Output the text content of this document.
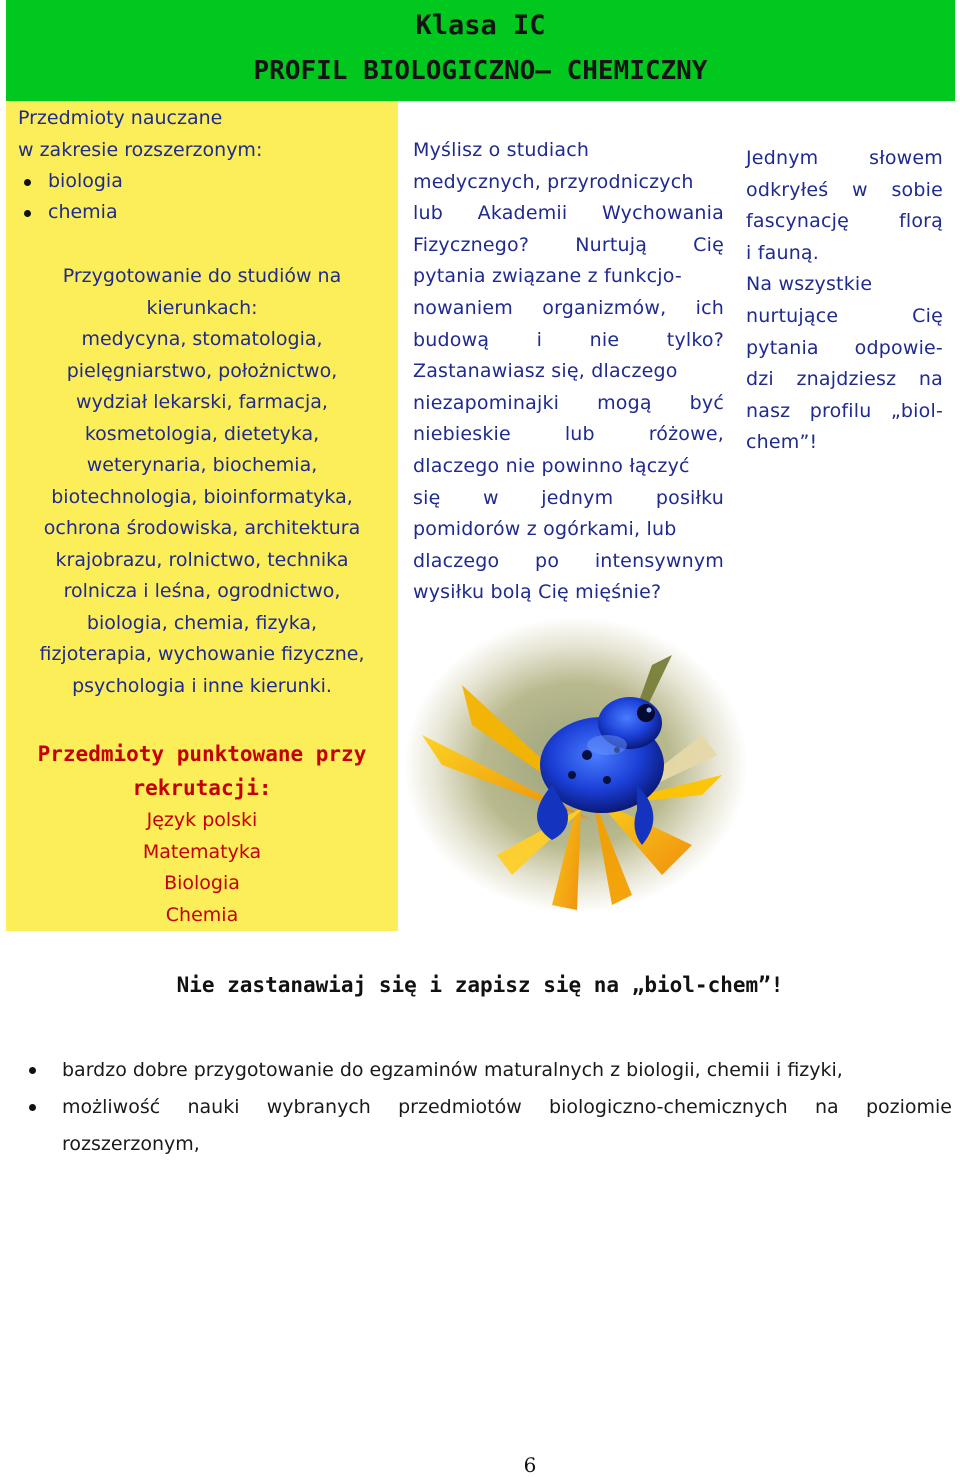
Klasa IC
PROFIL BIOLOGICZNO– CHEMICZNY
Przedmioty nauczane
w zakresie rozszerzonym:
biologia
chemia
Przygotowanie do studiów na
kierunkach:
medycyna, stomatologia,
pielęgniarstwo, położnictwo,
wydział lekarski, farmacja,
kosmetologia, dietetyka,
weterynaria, biochemia,
biotechnologia, bioinformatyka,
ochrona środowiska, architektura
krajobrazu, rolnictwo, technika
rolnicza i leśna, ogrodnictwo,
biologia, chemia, fizyka,
fizjoterapia, wychowanie fizyczne,
psychologia i inne kierunki.
Przedmioty punktowane przy
rekrutacji:
Język polski
Matematyka
Biologia
Chemia
Myślisz o studiach
medycznych, przyrodniczych
lub Akademii Wychowania
Fizycznego? Nurtują Cię
pytania związane z funkcjo-
nowaniem organizmów, ich
budową i nie tylko?
Zastanawiasz się, dlaczego
niezapominajki mogą być
niebieskie lub różowe,
dlaczego nie powinno łączyć
się w jednym posiłku
pomidorów z ogórkami, lub
dlaczego po intensywnym
wysiłku bolą Cię mięśnie?
Jednym słowem
odkryłeś w sobie
fascynację florą
i fauną.
Na wszystkie
nurtujące Cię
pytania odpowie-
dzi znajdziesz na
nasz profilu „biol-
chem”!
Nie zastanawiaj się i zapisz się na „biol-chem”!
bardzo dobre przygotowanie do egzaminów maturalnych z biologii, chemii i fizyki,
możliwość nauki wybranych przedmiotów biologiczno-chemicznych na poziomie rozszerzonym,
6
